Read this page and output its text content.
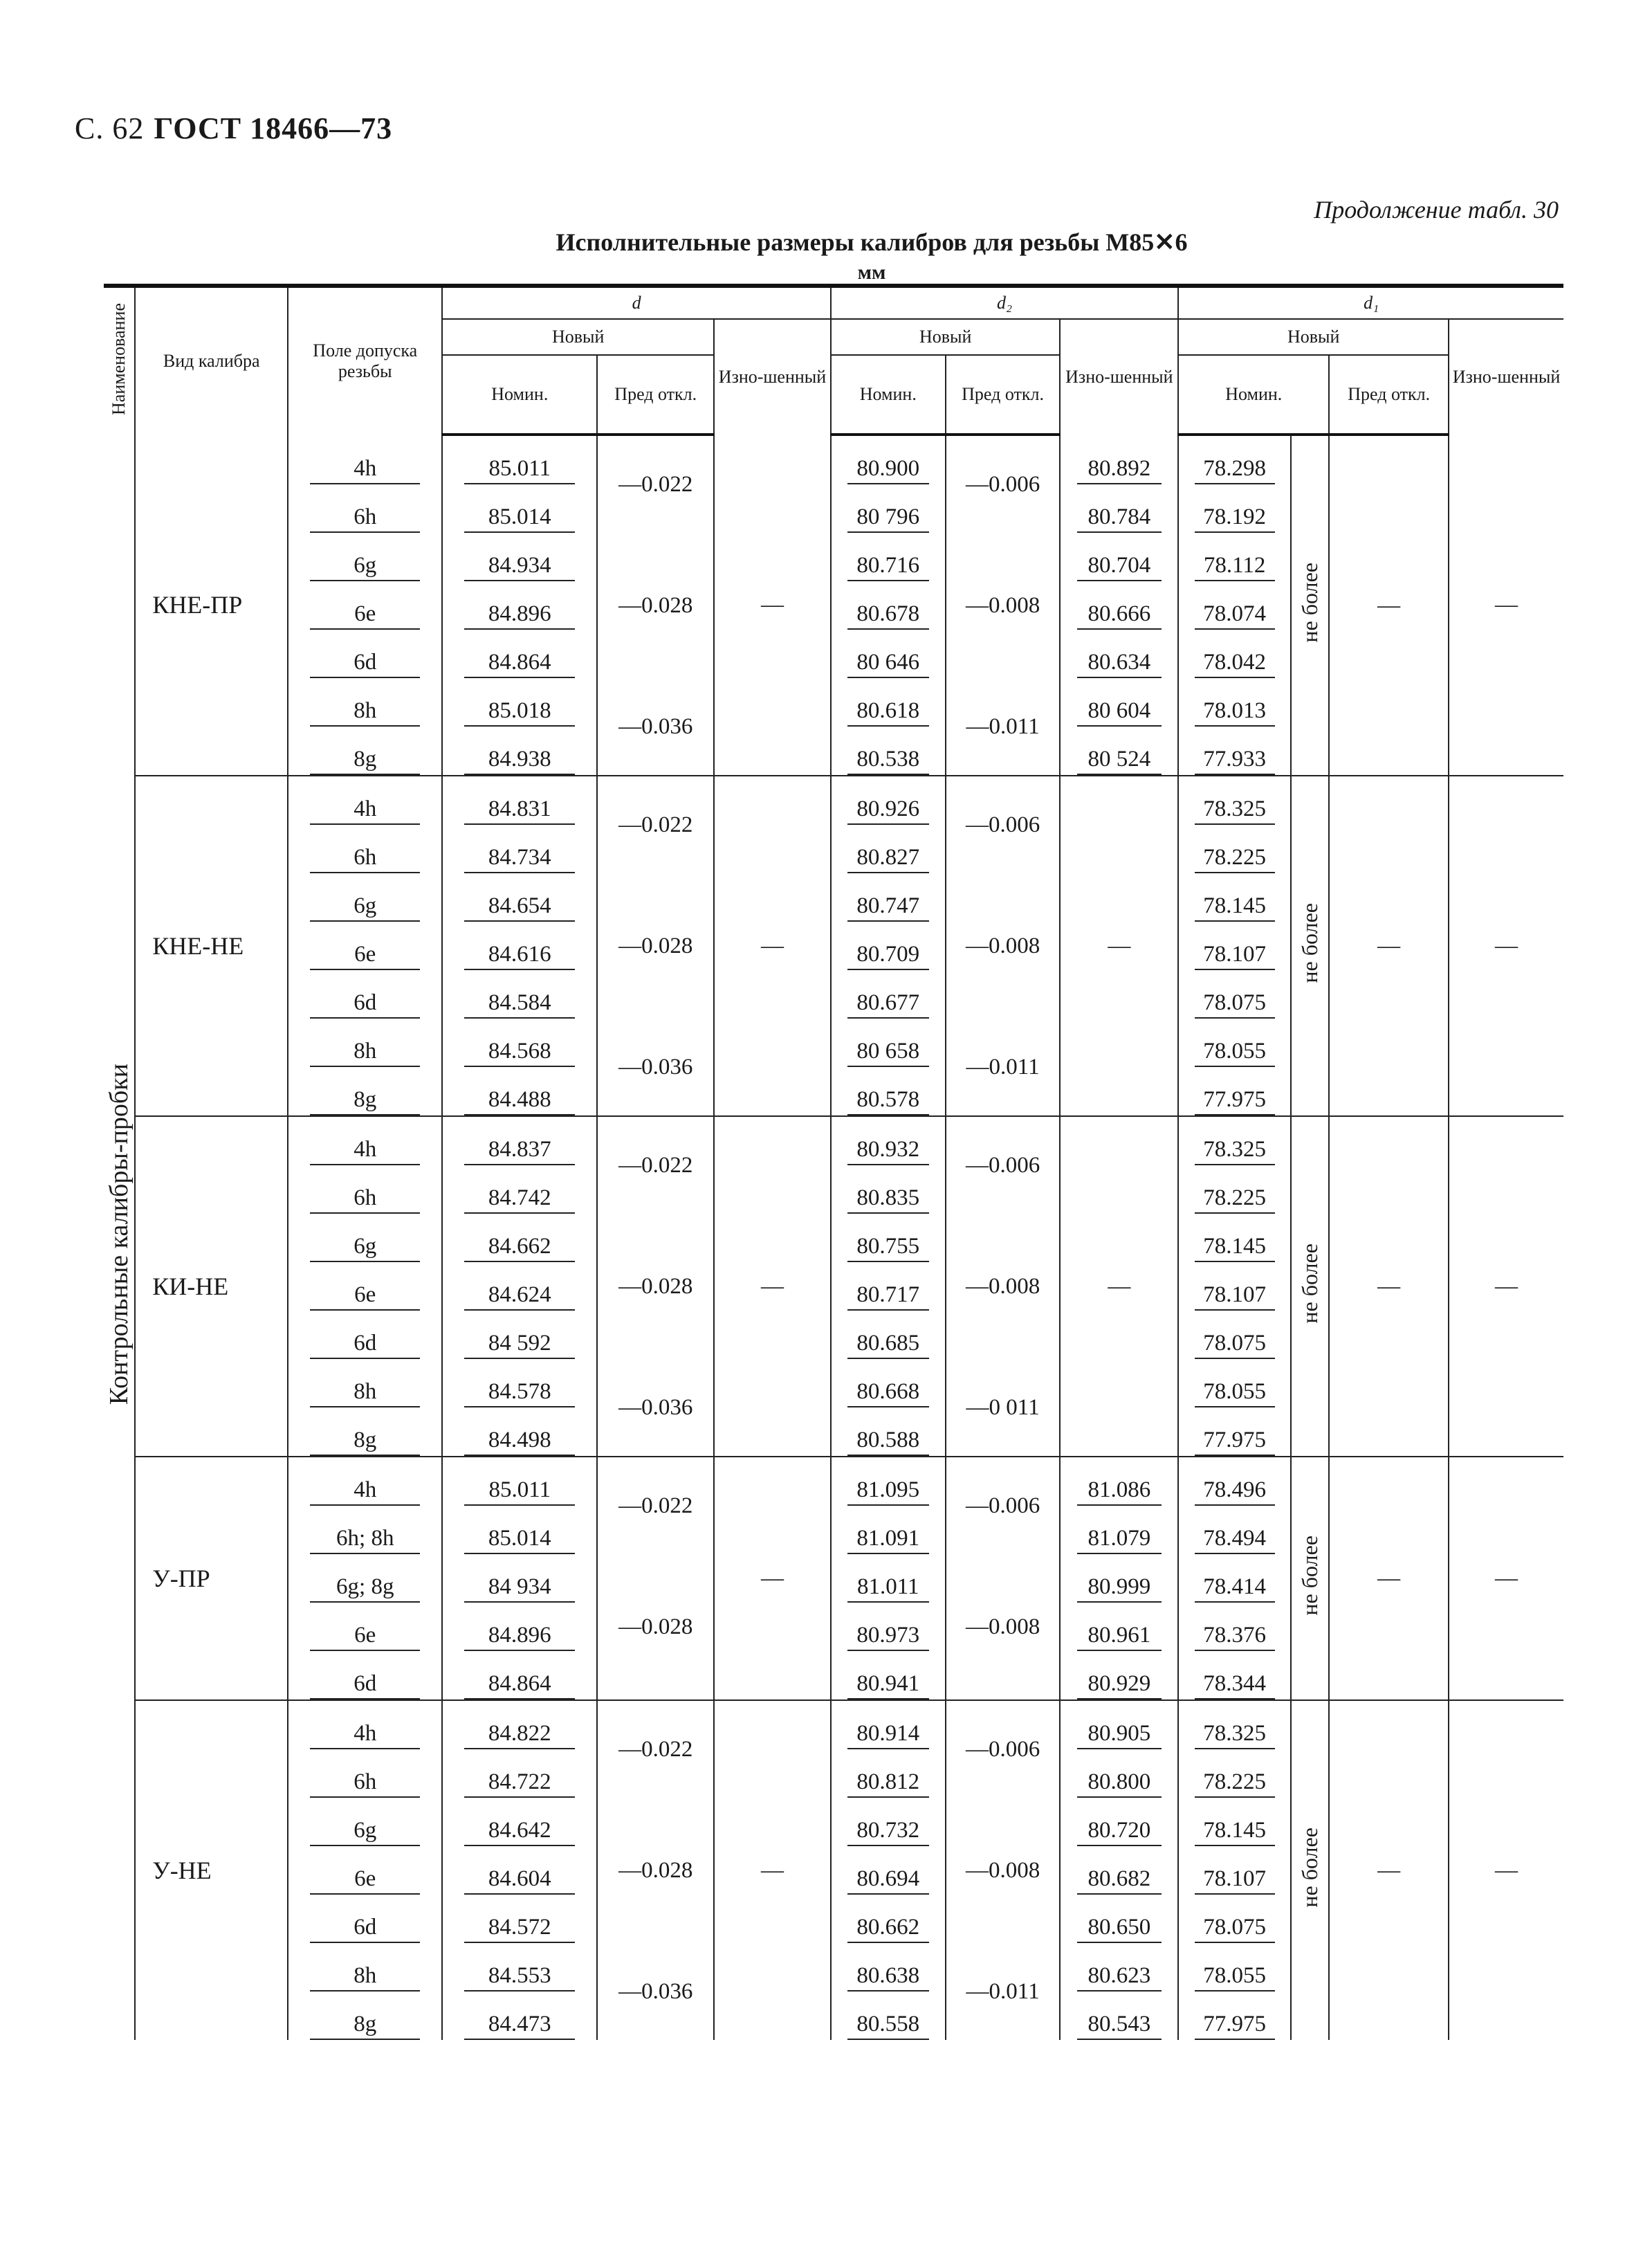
С. 62 ГОСТ 18466—73
Продолжение табл. 30
Исполнительные размеры калибров для резьбы М85✕6
мм
Наименование	Вид калибра	Поле допуска резьбы	d			d₂			d₁			
			Новый		Изно-шенный	Новый		Изно-шенный	Новый			Изно-шенный
			Номин.	Пред откл.		Номин.	Пред откл.		Номин.		Пред откл.	
Контрольные калибры-пробки	КНЕ-ПР	4h	85.011	—0.022	—	80.900	—0.006	80.892	78.298	не более	—	—
		6h	85.014			80 796		80.784	78.192			
		6g	84.934	—0.028		80.716	—0.008	80.704	78.112			
		6e	84.896			80.678		80.666	78.074			
		6d	84.864			80 646		80.634	78.042			
		8h	85.018	—0.036		80.618	—0.011	80 604	78.013			
		8g	84.938			80.538		80 524	77.933			
	КНЕ-НЕ	4h	84.831	—0.022	—	80.926	—0.006	—	78.325	не более	—	—
		6h	84.734			80.827			78.225			
		6g	84.654	—0.028		80.747	—0.008		78.145			
		6e	84.616			80.709			78.107			
		6d	84.584			80.677			78.075			
		8h	84.568	—0.036		80 658	—0.011		78.055			
		8g	84.488			80.578			77.975			
	КИ-НЕ	4h	84.837	—0.022	—	80.932	—0.006	—	78.325	не более	—	—
		6h	84.742			80.835			78.225			
		6g	84.662	—0.028		80.755	—0.008		78.145			
		6e	84.624			80.717			78.107			
		6d	84 592			80.685			78.075			
		8h	84.578	—0.036		80.668	—0 011		78.055			
		8g	84.498			80.588			77.975			
	У-ПР	4h	85.011	—0.022	—	81.095	—0.006	81.086	78.496	не более	—	—
		6h; 8h	85.014			81.091		81.079	78.494			
		6g; 8g	84 934	—0.028		81.011	—0.008	80.999	78.414			
		6e	84.896			80.973		80.961	78.376			
		6d	84.864			80.941		80.929	78.344			
	У-НЕ	4h	84.822	—0.022	—	80.914	—0.006	80.905	78.325	не более	—	—
		6h	84.722			80.812		80.800	78.225			
		6g	84.642	—0.028		80.732	—0.008	80.720	78.145			
		6e	84.604			80.694		80.682	78.107			
		6d	84.572			80.662		80.650	78.075			
		8h	84.553	—0.036		80.638	—0.011	80.623	78.055			
		8g	84.473			80.558		80.543	77.975			
